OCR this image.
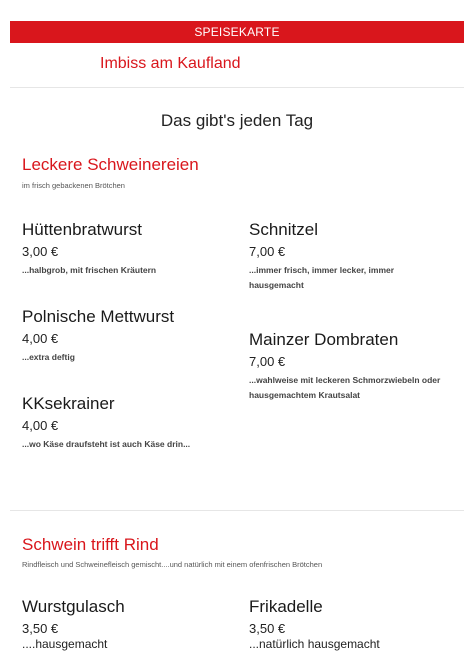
SPEISEKARTE
Imbiss am Kaufland
Das gibt's jeden Tag
Leckere Schweinereien
im frisch gebackenen Brötchen
Hüttenbratwurst
3,00 €
...halbgrob, mit frischen Kräutern
Schnitzel
7,00 €
...immer frisch, immer lecker, immer hausgemacht
Polnische Mettwurst
4,00 €
...extra deftig
Mainzer Dombraten
7,00 €
...wahlweise mit leckeren Schmorzwiebeln oder hausgemachtem Krautsalat
KKsekrainer
4,00 €
...wo Käse draufsteht ist auch Käse drin...
Schwein trifft Rind
Rindfleisch und Schweinefleisch gemischt....und natürlich mit einem ofenfrischen Brötchen
Wurstgulasch
3,50 €
....hausgemacht
Frikadelle
3,50 €
...natürlich hausgemacht
